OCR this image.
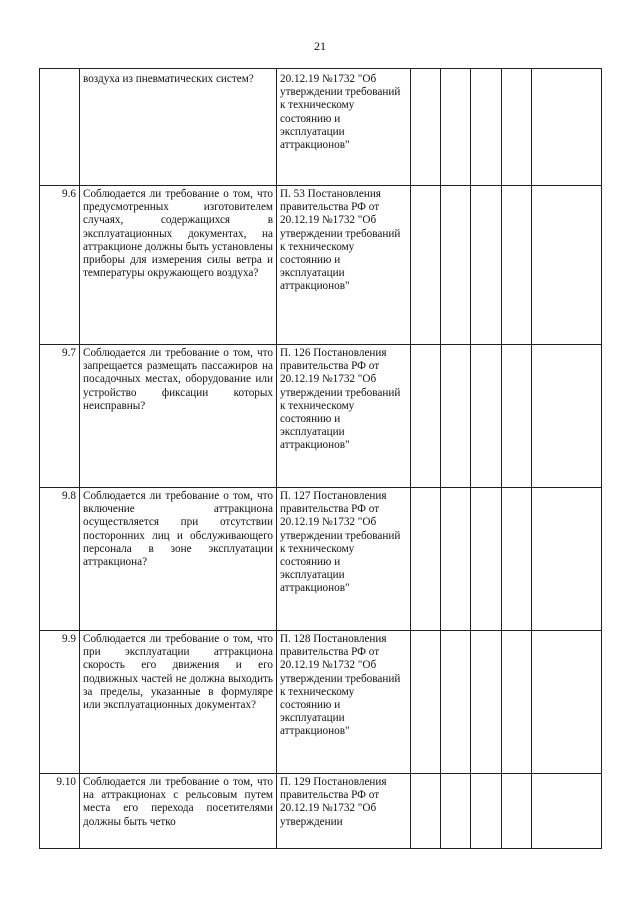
21
	воздуха из пневматических систем?	20.12.19 №1732 "Об утверждении требований к техническому состоянию и эксплуатации аттракционов"					
9.6	Соблюдается ли требование о том, что предусмотренных изготовителем случаях, содержащихся в эксплуатационных документах, на аттракционе должны быть установлены приборы для измерения силы ветра и температуры окружающего воздуха?	П. 53 Постановления правительства РФ от 20.12.19 №1732 "Об утверждении требований к техническому состоянию и эксплуатации аттракционов"					
9.7	Соблюдается ли требование о том, что запрещается размещать пассажиров на посадочных местах, оборудование или устройство фиксации которых неисправны?	П. 126 Постановления правительства РФ от 20.12.19 №1732 "Об утверждении требований к техническому состоянию и эксплуатации аттракционов"					
9.8	Соблюдается ли требование о том, что включение аттракциона осуществляется при отсутствии посторонних лиц и обслуживающего персонала в зоне эксплуатации аттракциона?	П. 127 Постановления правительства РФ от 20.12.19 №1732 "Об утверждении требований к техническому состоянию и эксплуатации аттракционов"					
9.9	Соблюдается ли требование о том, что при эксплуатации аттракциона скорость его движения и его подвижных частей не должна выходить за пределы, указанные в формуляре или эксплуатационных документах?	П. 128 Постановления правительства РФ от 20.12.19 №1732 "Об утверждении требований к техническому состоянию и эксплуатации аттракционов"					
9.10	Соблюдается ли требование о том, что на аттракционах с рельсовым путем места его перехода посетителями должны быть четко	П. 129 Постановления правительства РФ от 20.12.19 №1732 "Об утверждении					
